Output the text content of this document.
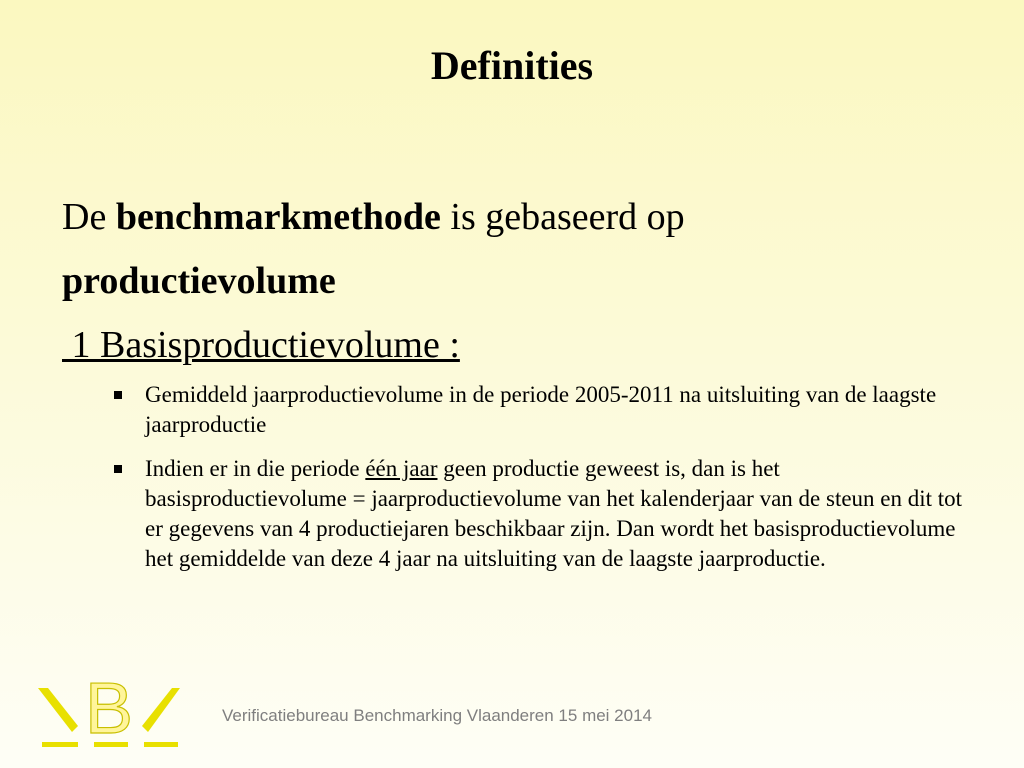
Definities
De benchmarkmethode is gebaseerd op
productievolume
1 Basisproductievolume :
Gemiddeld jaarproductievolume in de periode 2005-2011 na uitsluiting van de laagste jaarproductie
Indien er in die periode één jaar geen productie geweest is, dan is het basisproductievolume = jaarproductievolume van het kalenderjaar van de steun en dit tot er gegevens van 4 productiejaren beschikbaar zijn. Dan wordt het basisproductievolume het gemiddelde van deze 4 jaar na uitsluiting van de laagste jaarproductie.
B	Verificatiebureau Benchmarking Vlaanderen 15 mei 2014
